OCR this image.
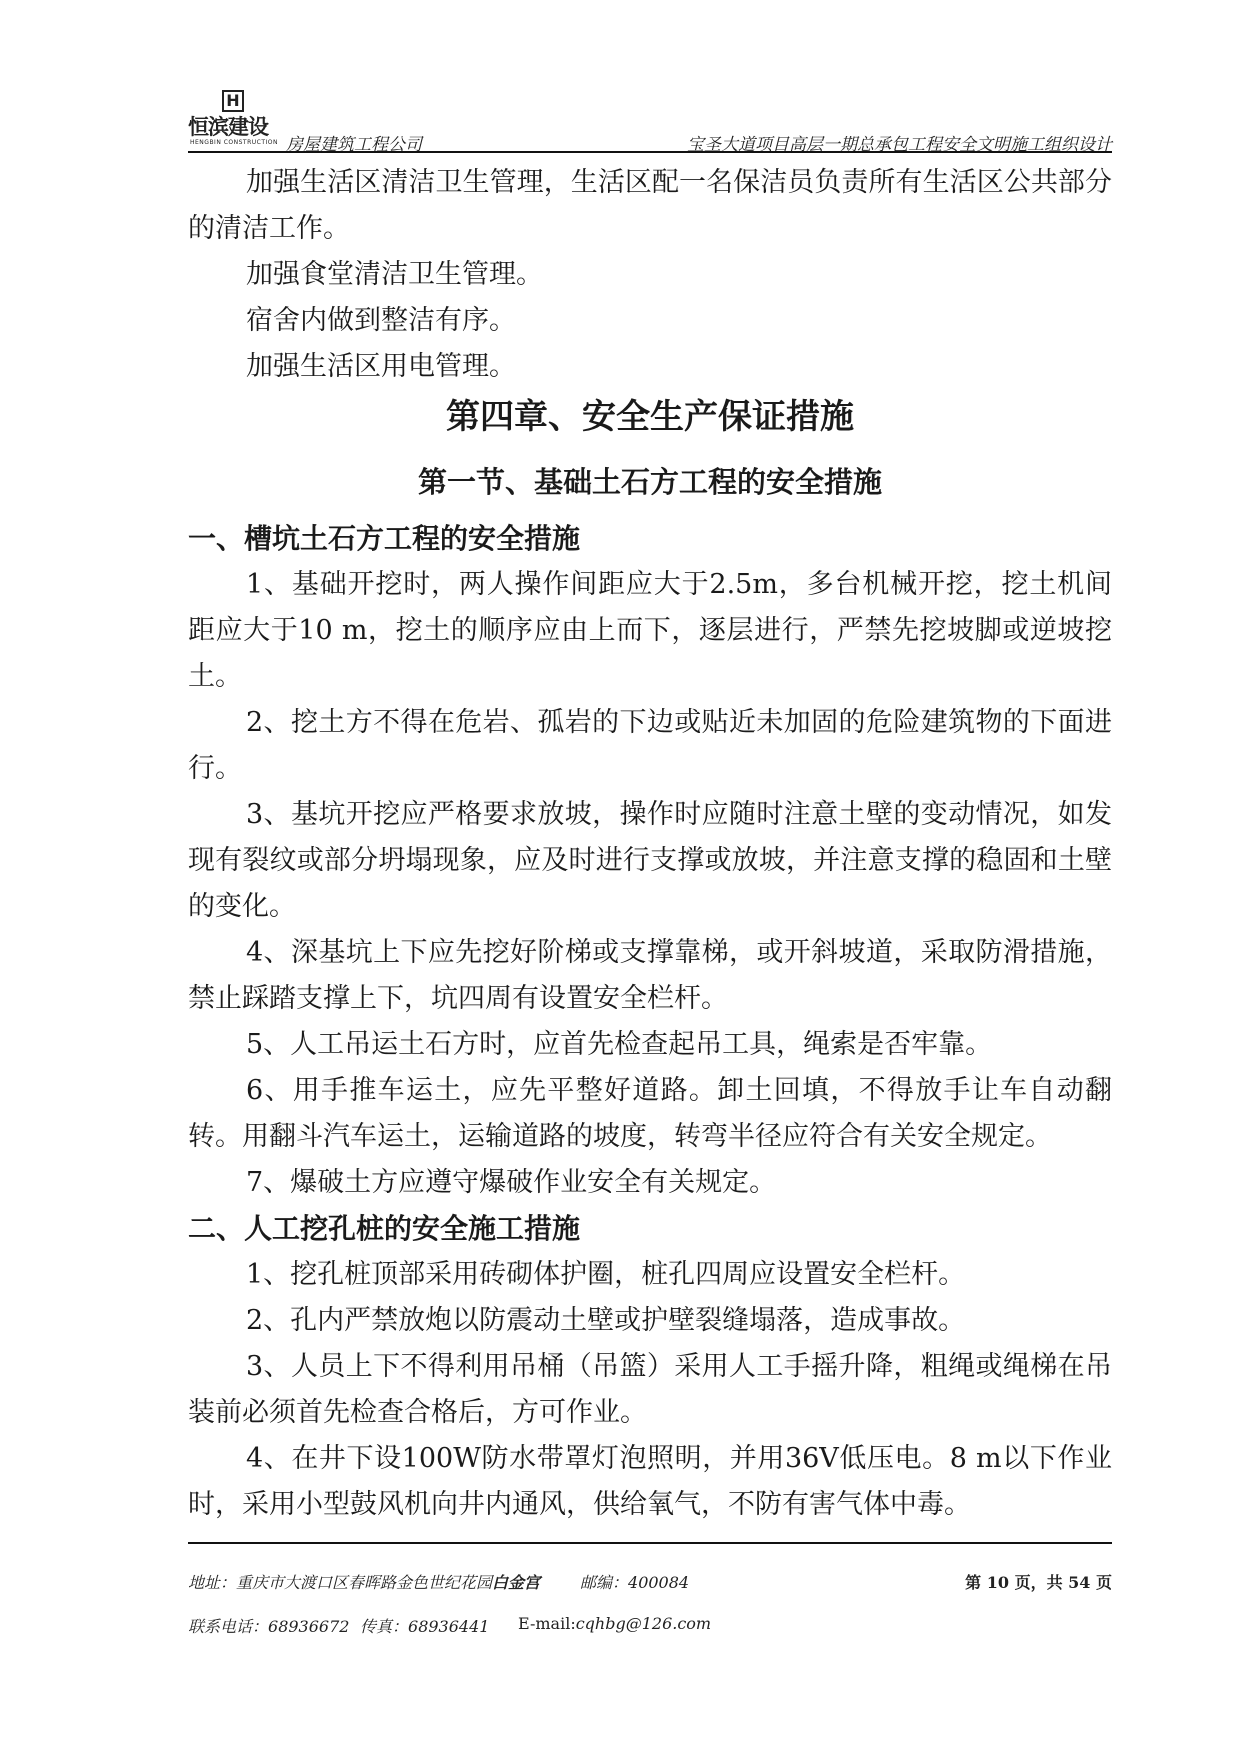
H
恒滨建设
HENGBIN CONSTRUCTION 房屋建筑工程公司	宝圣大道项目高层一期总承包工程安全文明施工组织设计

加强生活区清洁卫生管理，生活区配一名保洁员负责所有生活区公共部分的清洁工作。

加强食堂清洁卫生管理。

宿舍内做到整洁有序。

加强生活区用电管理。

第四章、安全生产保证措施
第一节、基础土石方工程的安全措施
一、槽坑土石方工程的安全措施

1、基础开挖时，两人操作间距应大于2.5m，多台机械开挖，挖土机间距应大于10 m，挖土的顺序应由上而下，逐层进行，严禁先挖坡脚或逆坡挖土。

2、挖土方不得在危岩、孤岩的下边或贴近未加固的危险建筑物的下面进行。

3、基坑开挖应严格要求放坡，操作时应随时注意土壁的变动情况，如发现有裂纹或部分坍塌现象，应及时进行支撑或放坡，并注意支撑的稳固和土壁的变化。

4、深基坑上下应先挖好阶梯或支撑靠梯，或开斜坡道，采取防滑措施，禁止踩踏支撑上下，坑四周有设置安全栏杆。

5、人工吊运土石方时，应首先检查起吊工具，绳索是否牢靠。

6、用手推车运土，应先平整好道路。卸土回填，不得放手让车自动翻转。用翻斗汽车运土，运输道路的坡度，转弯半径应符合有关安全规定。

7、爆破土方应遵守爆破作业安全有关规定。

二、人工挖孔桩的安全施工措施

1、挖孔桩顶部采用砖砌体护圈，桩孔四周应设置安全栏杆。

2、孔内严禁放炮以防震动土壁或护壁裂缝塌落，造成事故。

3、人员上下不得利用吊桶（吊篮）采用人工手摇升降，粗绳或绳梯在吊装前必须首先检查合格后，方可作业。

4、在井下设100W防水带罩灯泡照明，并用36V低压电。8 m以下作业时，采用小型鼓风机向井内通风，供给氧气，不防有害气体中毒。

地址：重庆市大渡口区春晖路金色世纪花园白金宫 邮编：400084	第 10 页，共 54 页
联系电话：68936672 传真：68936441 E-mail:cqhbg@126.com
